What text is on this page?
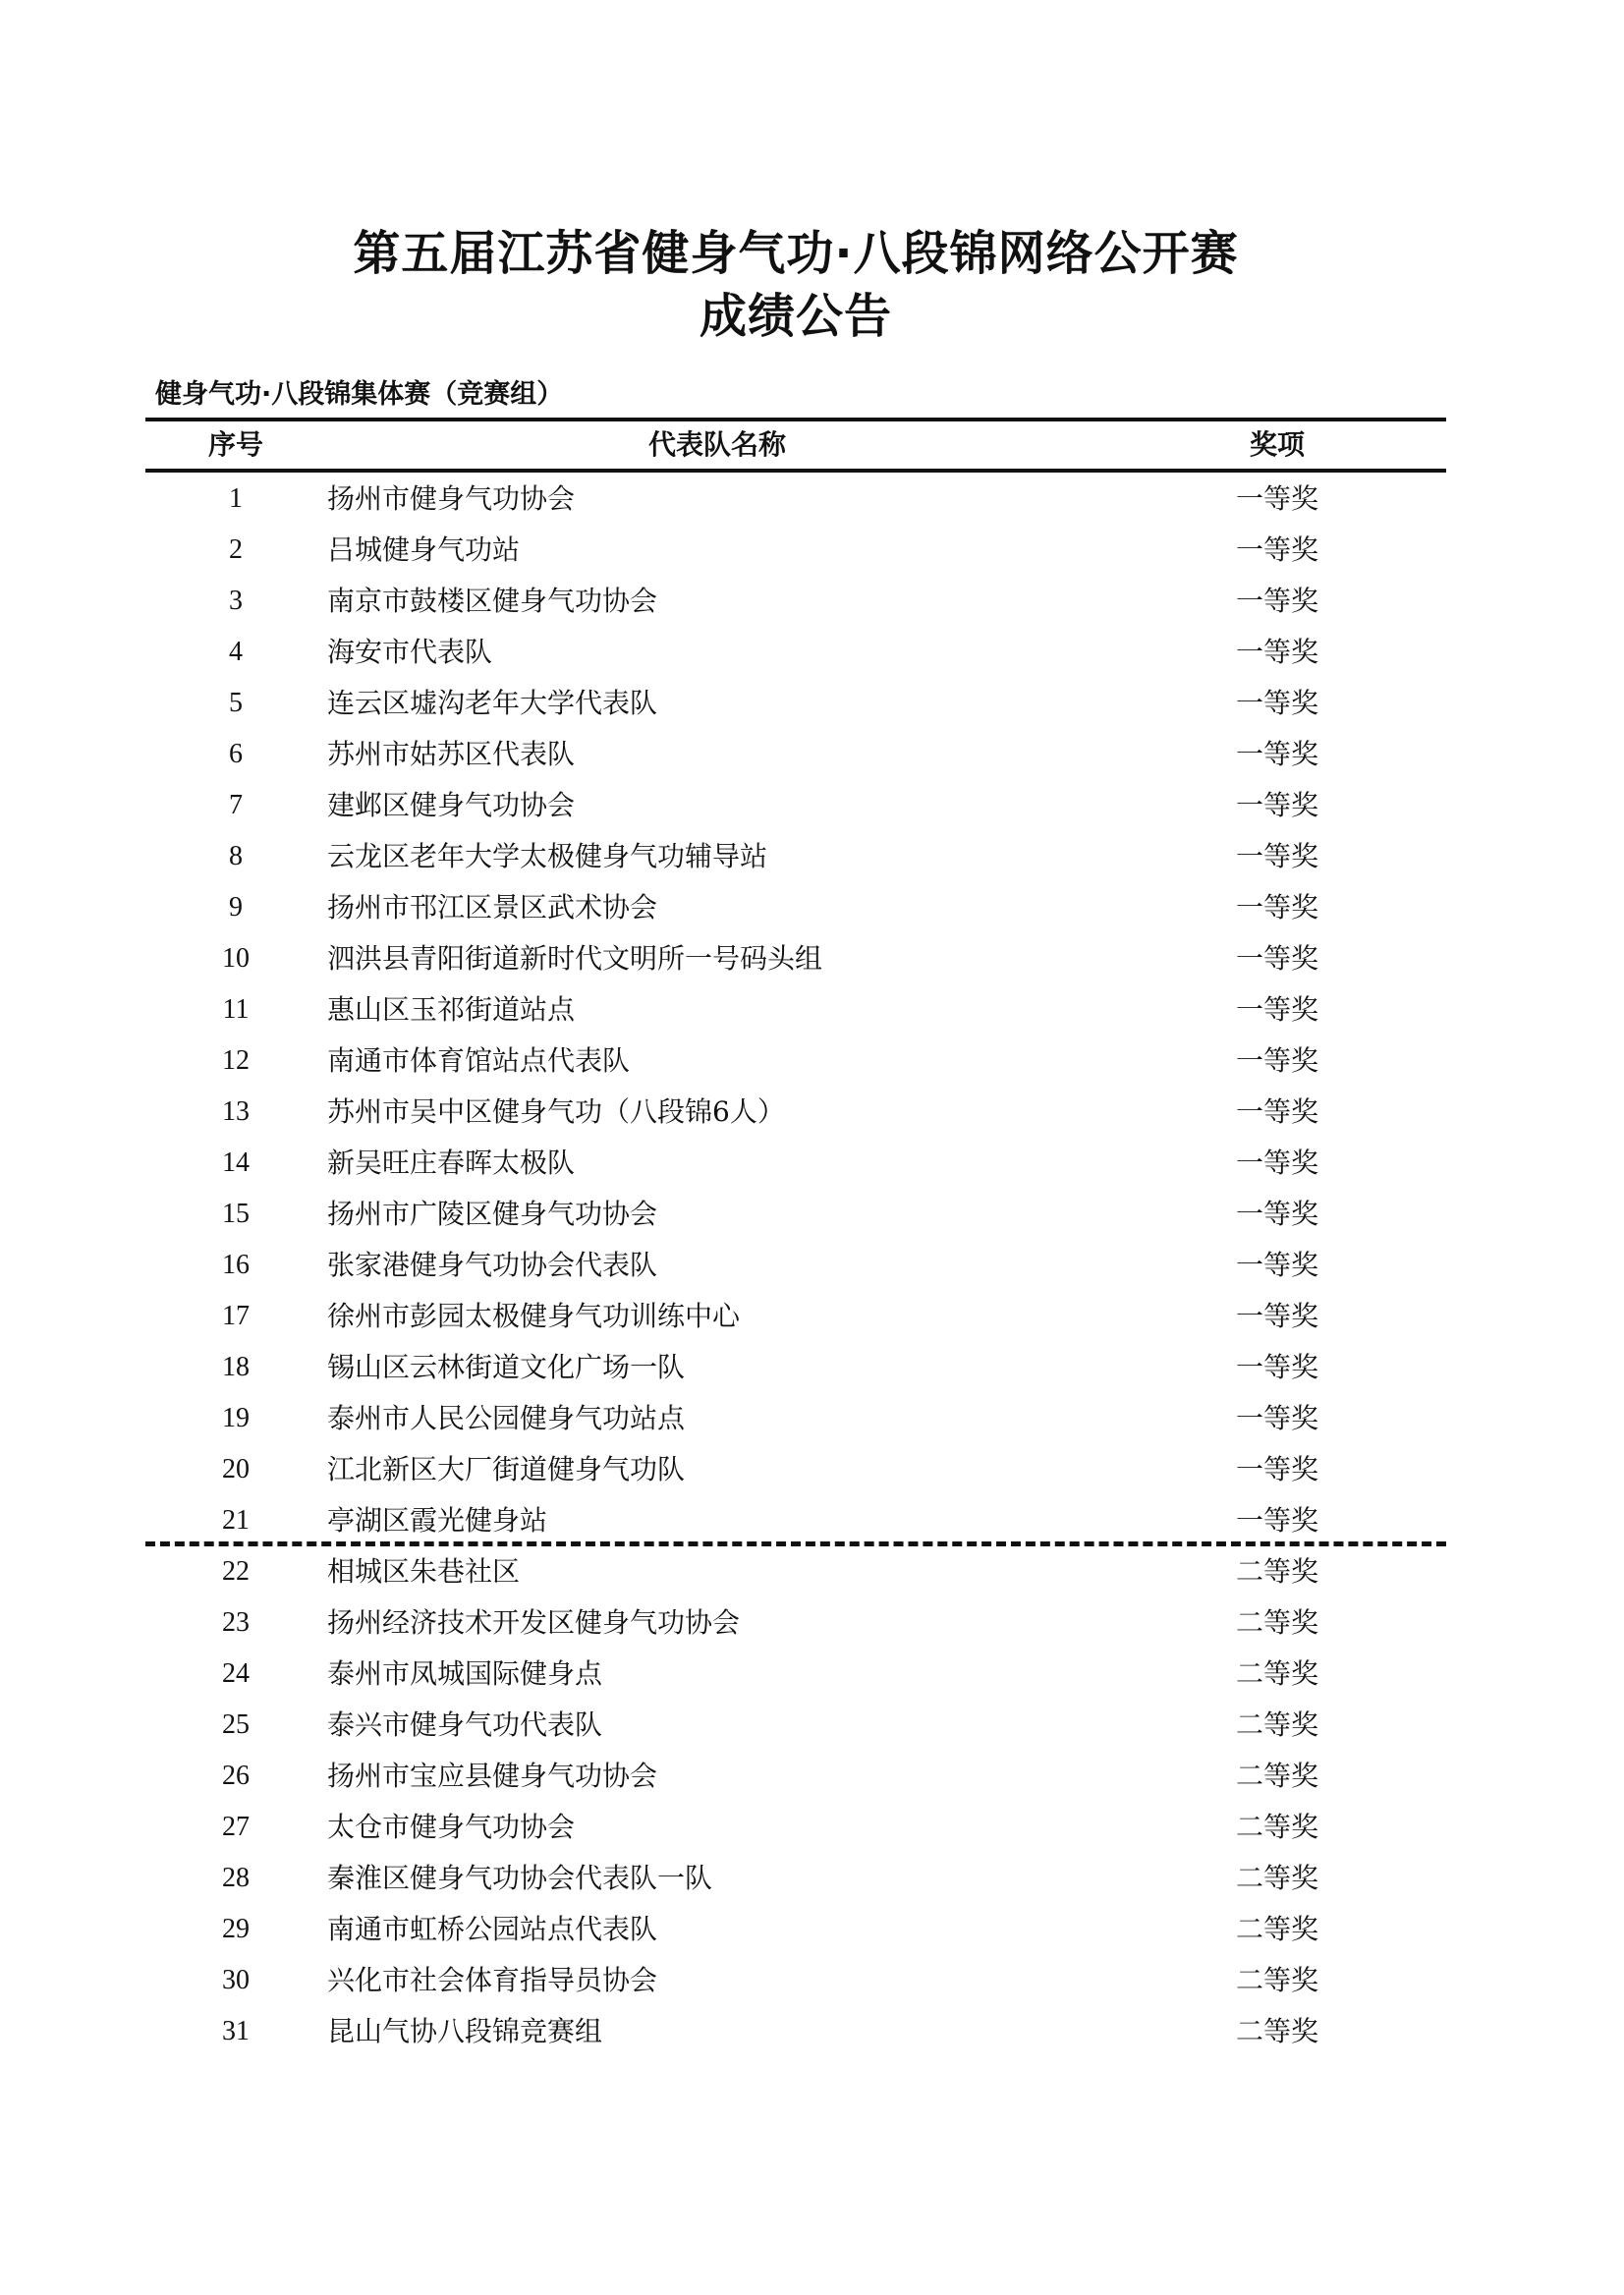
第五届江苏省健身气功·八段锦网络公开赛
成绩公告
健身气功·八段锦集体赛（竞赛组）
序号	代表队名称	奖项
1	扬州市健身气功协会	一等奖
2	吕城健身气功站	一等奖
3	南京市鼓楼区健身气功协会	一等奖
4	海安市代表队	一等奖
5	连云区墟沟老年大学代表队	一等奖
6	苏州市姑苏区代表队	一等奖
7	建邺区健身气功协会	一等奖
8	云龙区老年大学太极健身气功辅导站	一等奖
9	扬州市邗江区景区武术协会	一等奖
10	泗洪县青阳街道新时代文明所一号码头组	一等奖
11	惠山区玉祁街道站点	一等奖
12	南通市体育馆站点代表队	一等奖
13	苏州市吴中区健身气功（八段锦6人）	一等奖
14	新吴旺庄春晖太极队	一等奖
15	扬州市广陵区健身气功协会	一等奖
16	张家港健身气功协会代表队	一等奖
17	徐州市彭园太极健身气功训练中心	一等奖
18	锡山区云林街道文化广场一队	一等奖
19	泰州市人民公园健身气功站点	一等奖
20	江北新区大厂街道健身气功队	一等奖
21	亭湖区霞光健身站	一等奖
22	相城区朱巷社区	二等奖
23	扬州经济技术开发区健身气功协会	二等奖
24	泰州市凤城国际健身点	二等奖
25	泰兴市健身气功代表队	二等奖
26	扬州市宝应县健身气功协会	二等奖
27	太仓市健身气功协会	二等奖
28	秦淮区健身气功协会代表队一队	二等奖
29	南通市虹桥公园站点代表队	二等奖
30	兴化市社会体育指导员协会	二等奖
31	昆山气协八段锦竞赛组	二等奖
